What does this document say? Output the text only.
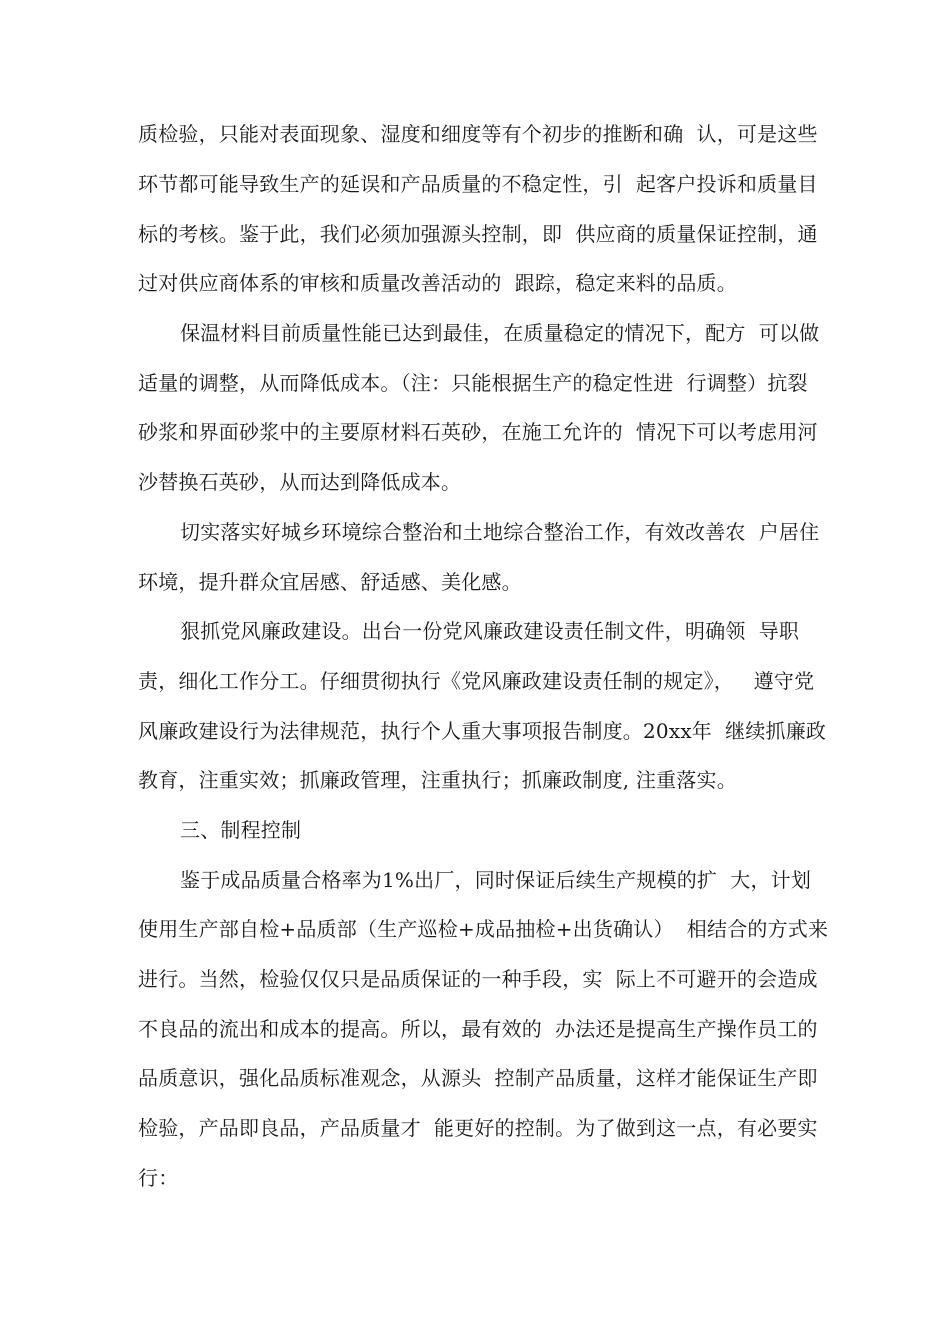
质检验，只能对表面现象、湿度和细度等有个初步的推断和确  认，可是这些
环节都可能导致生产的延误和产品质量的不稳定性，引  起客户投诉和质量目
标的考核。鉴于此，我们必须加强源头控制，即  供应商的质量保证控制，通
过对供应商体系的审核和质量改善活动的  跟踪，稳定来料的品质。
保温材料目前质量性能已达到最佳，在质量稳定的情况下，配方  可以做
适量的调整，从而降低成本。（注：只能根据生产的稳定性进  行调整）抗裂
砂浆和界面砂浆中的主要原材料石英砂，在施工允许的  情况下可以考虑用河
沙替换石英砂，从而达到降低成本。
切实落实好城乡环境综合整治和土地综合整治工作，有效改善农  户居住
环境，提升群众宜居感、舒适感、美化感。
狠抓党风廉政建设。出台一份党风廉政建设责任制文件，明确领  导职
责，细化工作分工。仔细贯彻执行《党风廉政建设责任制的规定》，   遵守党
风廉政建设行为法律规范，执行个人重大事项报告制度。20xx年  继续抓廉政
教育，注重实效；抓廉政管理，注重执行；抓廉政制度, 注重落实。
三、制程控制
鉴于成品质量合格率为1%出厂，同时保证后续生产规模的扩  大，计划
使用生产部自检+品质部（生产巡检+成品抽检+出货确认）  相结合的方式来
进行。当然，检验仅仅只是品质保证的一种手段，实  际上不可避开的会造成
不良品的流出和成本的提高。所以，最有效的  办法还是提高生产操作员工的
品质意识，强化品质标准观念，从源头  控制产品质量，这样才能保证生产即
检验，产品即良品，产品质量才  能更好的控制。为了做到这一点，有必要实
行：
